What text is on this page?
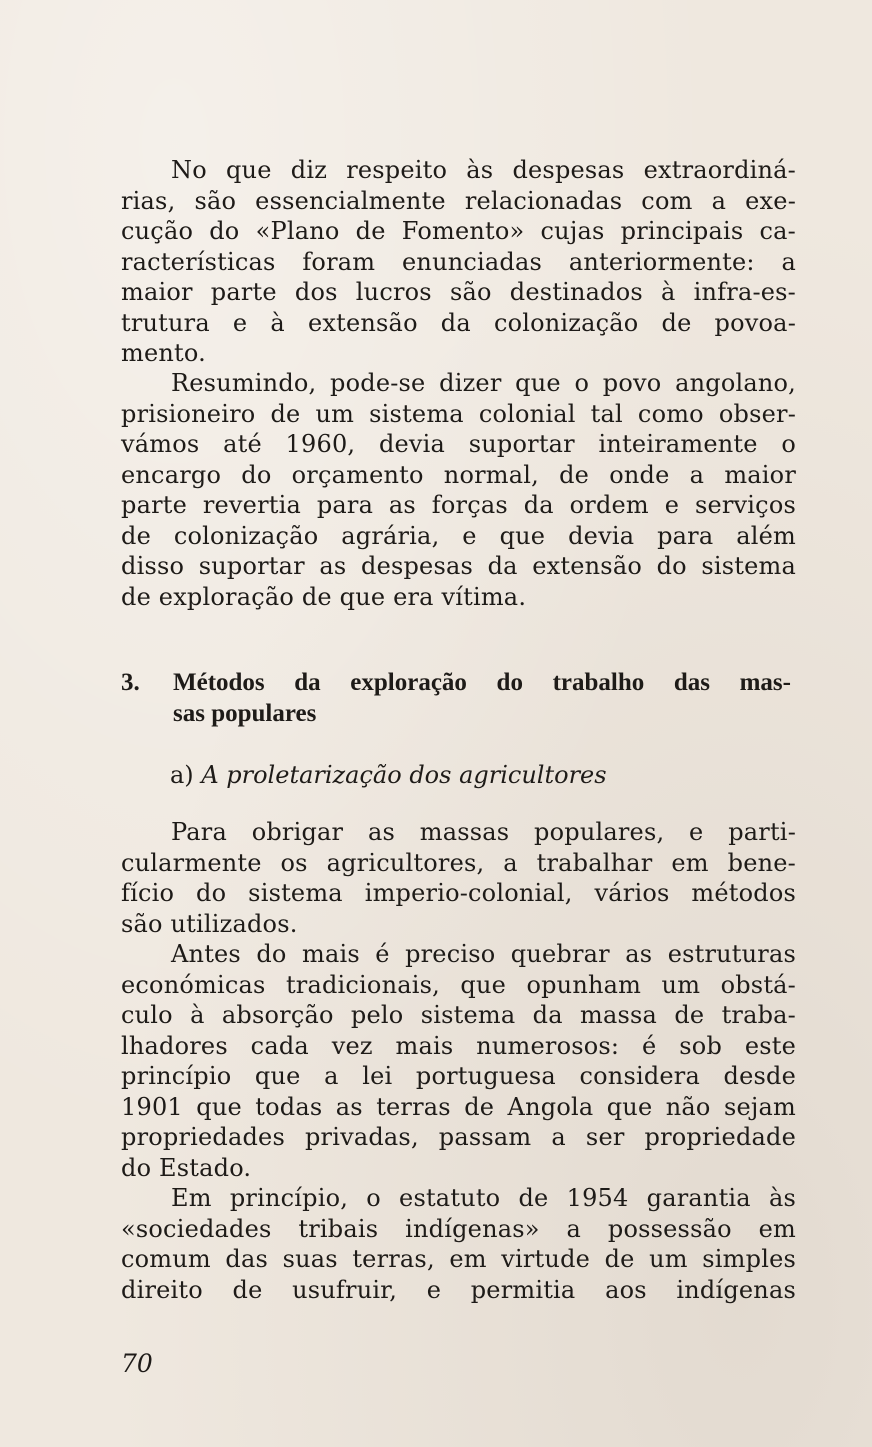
No que diz respeito às despesas extraordiná-
rias, são essencialmente relacionadas com a exe-
cução do «Plano de Fomento» cujas principais ca-
racterísticas foram enunciadas anteriormente: a
maior parte dos lucros são destinados à infra-es-
trutura e à extensão da colonização de povoa-
mento.
Resumindo, pode-se dizer que o povo angolano,
prisioneiro de um sistema colonial tal como obser-
vámos até 1960, devia suportar inteiramente o
encargo do orçamento normal, de onde a maior
parte revertia para as forças da ordem e serviços
de colonização agrária, e que devia para além
disso suportar as despesas da extensão do sistema
de exploração de que era vítima.
3. Métodos da exploração do trabalho das mas-
sas populares
a) A proletarização dos agricultores
Para obrigar as massas populares, e parti-
cularmente os agricultores, a trabalhar em bene-
fício do sistema imperio-colonial, vários métodos
são utilizados.
Antes do mais é preciso quebrar as estruturas
económicas tradicionais, que opunham um obstá-
culo à absorção pelo sistema da massa de traba-
lhadores cada vez mais numerosos: é sob este
princípio que a lei portuguesa considera desde
1901 que todas as terras de Angola que não sejam
propriedades privadas, passam a ser propriedade
do Estado.
Em princípio, o estatuto de 1954 garantia às
«sociedades tribais indígenas» a possessão em
comum das suas terras, em virtude de um simples
direito de usufruir, e permitia aos indígenas
70
